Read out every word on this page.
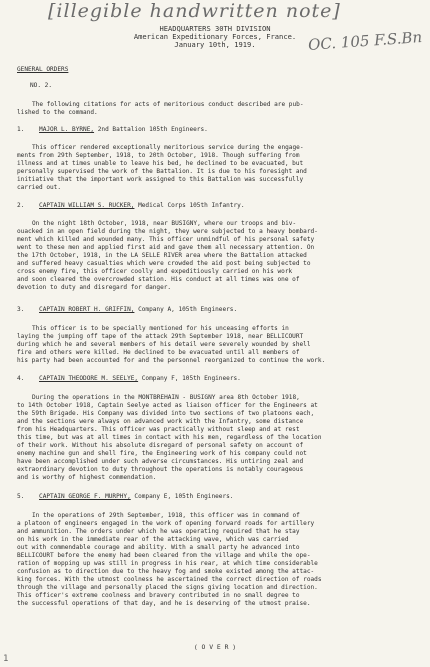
[illegible handwritten note]
OC. 105 F.S.Bn
HEADQUARTERS 30TH DIVISION
American Expeditionary Forces, France.
January 10th, 1919.
GENERAL ORDERS
NO. 2.
The following citations for acts of meritorious conduct described are pub-
lished to the command.
1. MAJOR L. BYRNE, 2nd Battalion 105th Engineers.
This officer rendered exceptionally meritorious service during the engage-
ments from 29th September, 1918, to 20th October, 1918. Though suffering from
illness and at times unable to leave his bed, he declined to be evacuated, but
personally supervised the work of the Battalion. It is due to his foresight and
initiative that the important work assigned to this Battalion was successfully
carried out.
2. CAPTAIN WILLIAM S. RUCKER, Medical Corps 105th Infantry.
On the night 18th October, 1918, near BUSIGNY, where our troops and biv-
ouacked in an open field during the night, they were subjected to a heavy bombard-
ment which killed and wounded many. This officer unmindful of his personal safety
went to these men and applied first aid and gave them all necessary attention. On
the 17th October, 1918, in the LA SELLE RIVER area where the Battalion attacked
and suffered heavy casualties which were crowded the aid post being subjected to
cross enemy fire, this officer coolly and expeditiously carried on his work
and soon cleared the overcrowded station. His conduct at all times was one of
devotion to duty and disregard for danger.
3. CAPTAIN ROBERT H. GRIFFIN, Company A, 105th Engineers.
This officer is to be specially mentioned for his unceasing efforts in
laying the jumping off tape of the attack 29th September 1918, near BELLICOURT
during which he and several members of his detail were severely wounded by shell
fire and others were killed. He declined to be evacuated until all members of
his party had been accounted for and the personnel reorganized to continue the work.
4. CAPTAIN THEODORE M. SEELYE, Company F, 105th Engineers.
During the operations in the MONTBREHAIN - BUSIGNY area 8th October 1918,
to 14th October 1918, Captain Seelye acted as liaison officer for the Engineers at
the 59th Brigade. His Company was divided into two sections of two platoons each,
and the sections were always on advanced work with the Infantry, some distance
from his Headquarters. This officer was practically without sleep and at rest
this time, but was at all times in contact with his men, regardless of the location
of their work. Without his absolute disregard of personal safety on account of
enemy machine gun and shell fire, the Engineering work of his company could not
have been accomplished under such adverse circumstances. His untiring zeal and
extraordinary devotion to duty throughout the operations is notably courageous
and is worthy of highest commendation.
5. CAPTAIN GEORGE F. MURPHY, Company E, 105th Engineers.
In the operations of 29th September, 1918, this officer was in command of
a platoon of engineers engaged in the work of opening forward roads for artillery
and ammunition. The orders under which he was operating required that he stay
on his work in the immediate rear of the attacking wave, which was carried
out with commendable courage and ability. With a small party he advanced into
BELLICOURT before the enemy had been cleared from the village and while the ope-
ration of mopping up was still in progress in his rear, at which time considerable
confusion as to direction due to the heavy fog and smoke existed among the attac-
king forces. With the utmost coolness he ascertained the correct direction of roads
through the village and personally placed the signs giving location and direction.
This officer's extreme coolness and bravery contributed in no small degree to
the successful operations of that day, and he is deserving of the utmost praise.
( O V E R )
1
